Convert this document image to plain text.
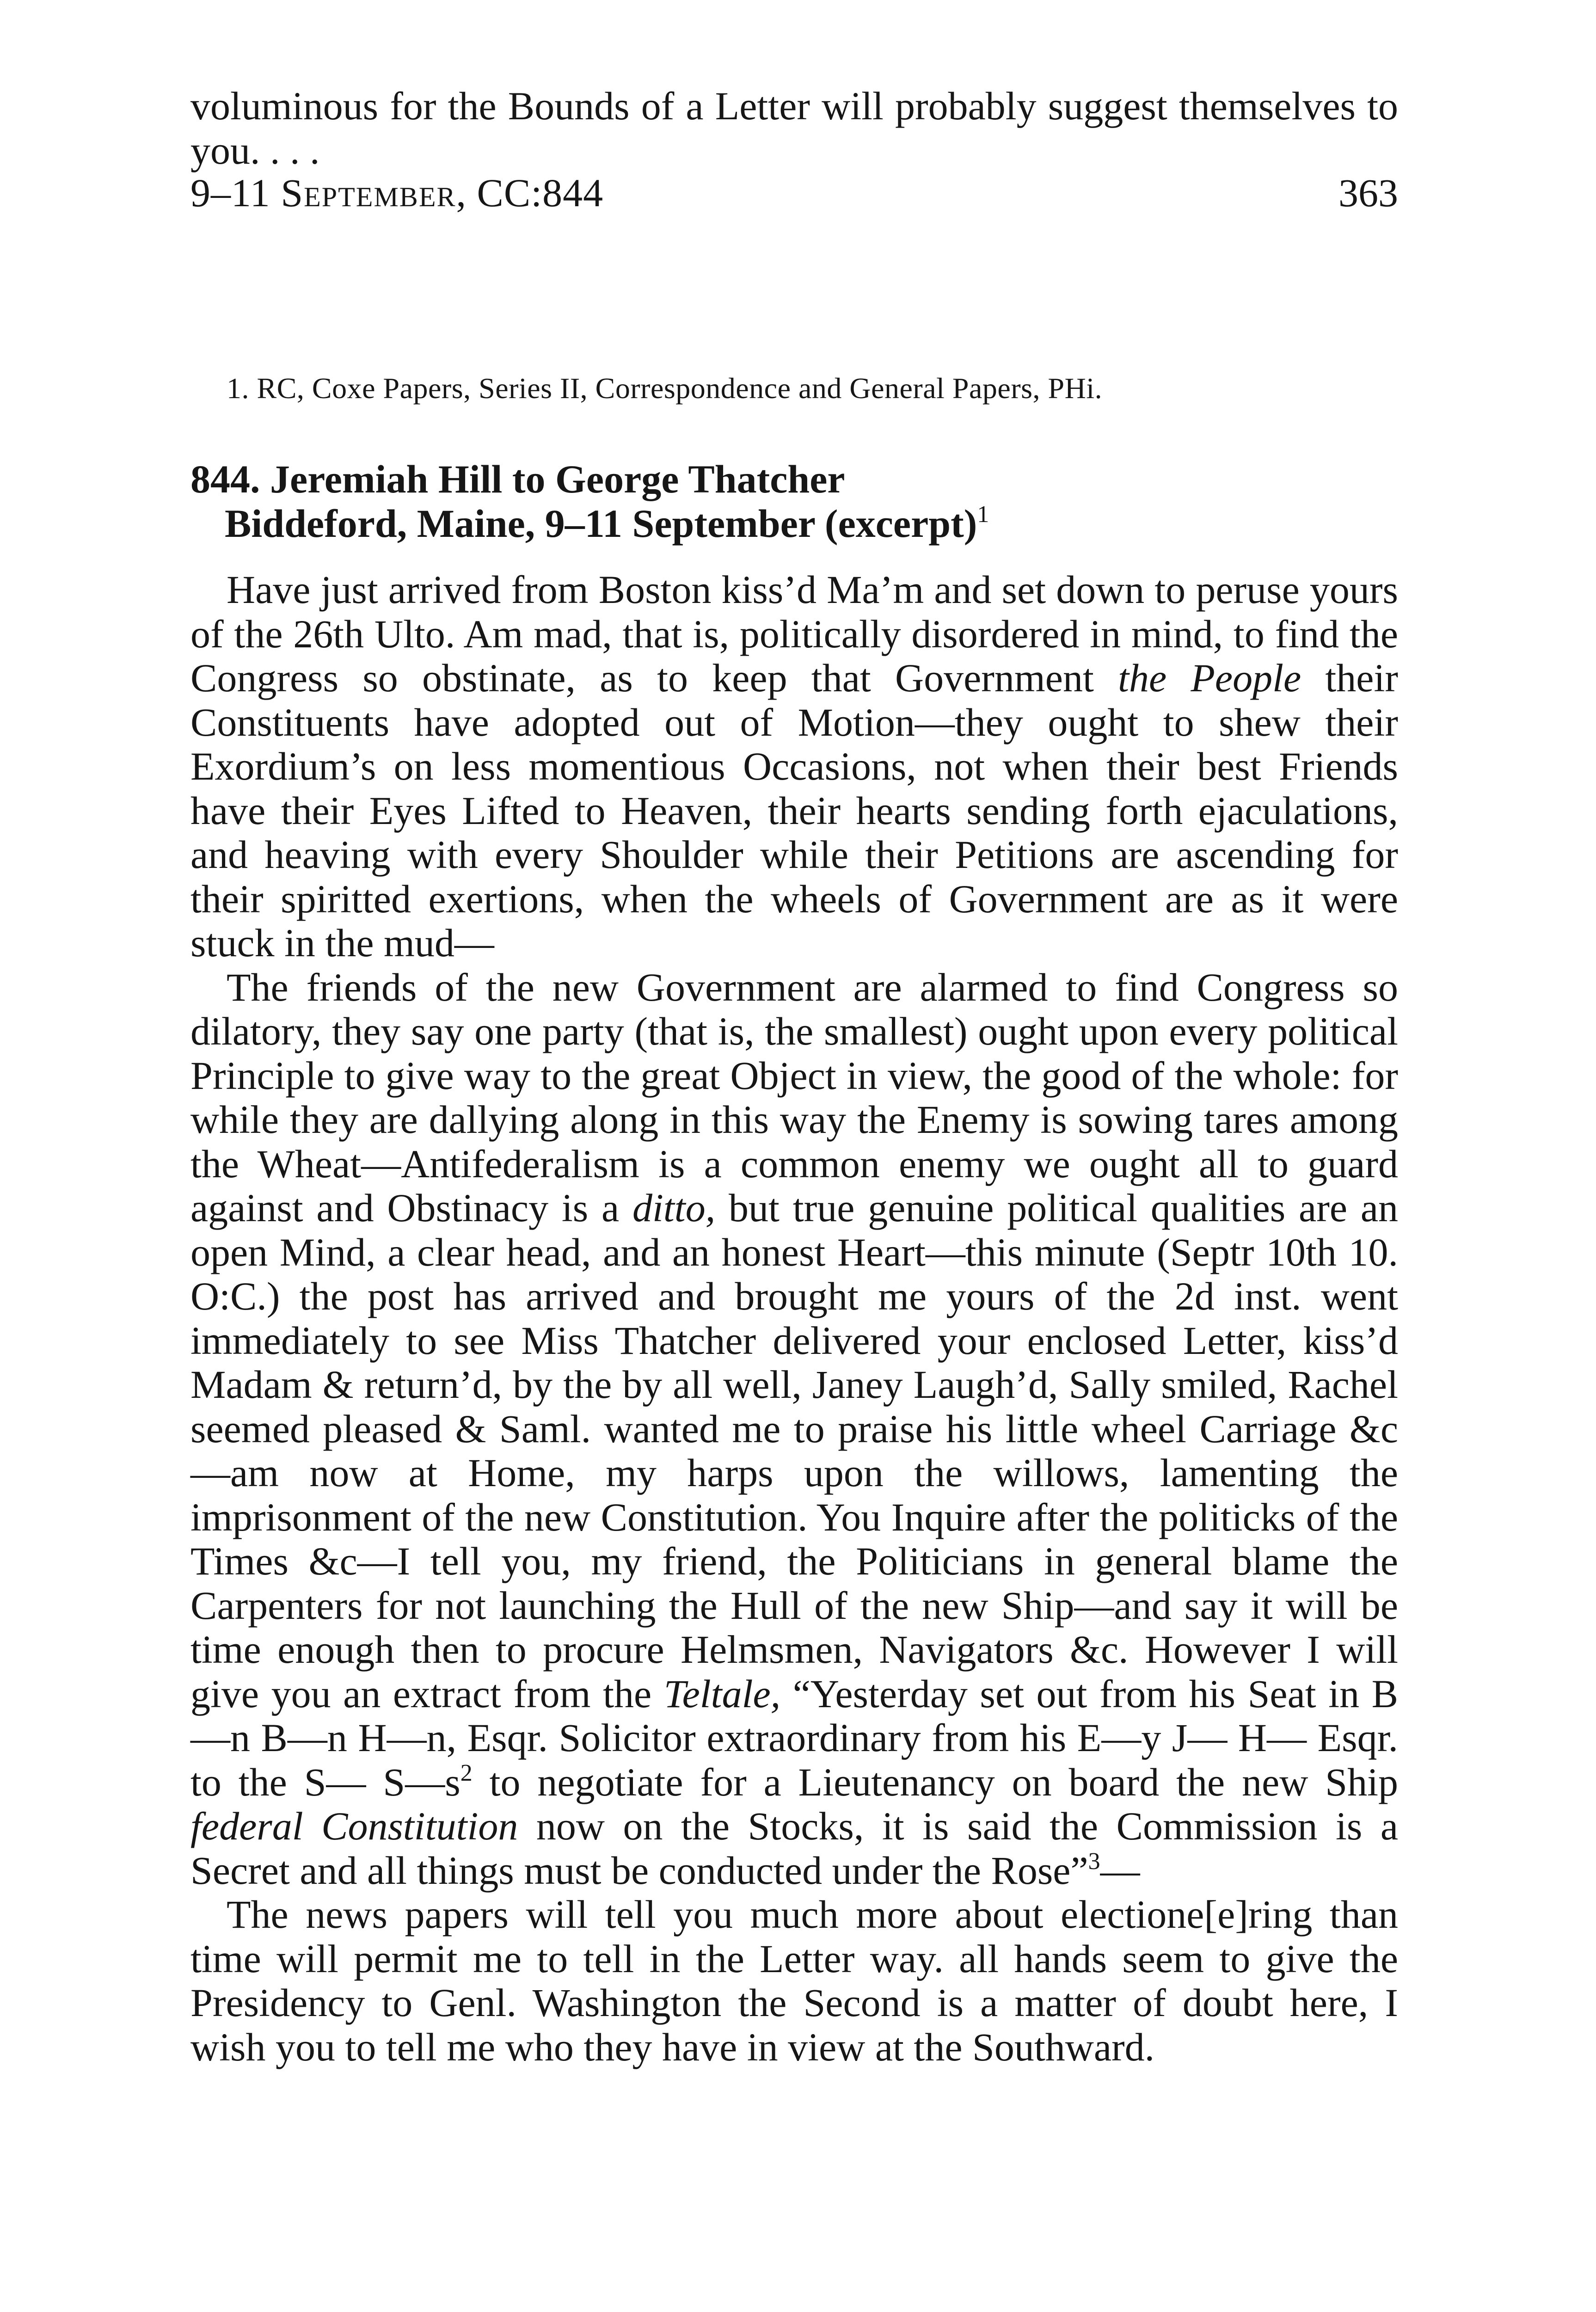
9–11 September, CC:844	363

voluminous for the Bounds of a Letter will probably suggest themselves to you. . . .

1. RC, Coxe Papers, Series II, Correspondence and General Papers, PHi.
844. Jeremiah Hill to George Thatcher
Biddeford, Maine, 9–11 September (excerpt)$^1$

Have just arrived from Boston kiss’d Ma’m and set down to peruse yours of the 26th Ulto. Am mad, that is, politically disordered in mind, to find the Congress so obstinate, as to keep that Government the People their Constituents have adopted out of Motion—they ought to shew their Exordium’s on less momentious Occasions, not when their best Friends have their Eyes Lifted to Heaven, their hearts sending forth ejaculations, and heaving with every Shoulder while their Petitions are ascending for their spiritted exertions, when the wheels of Government are as it were stuck in the mud—

The friends of the new Government are alarmed to find Congress so dilatory, they say one party (that is, the smallest) ought upon every political Principle to give way to the great Object in view, the good of the whole: for while they are dallying along in this way the Enemy is sowing tares among the Wheat—Antifederalism is a common enemy we ought all to guard against and Obstinacy is a ditto, but true genuine political qualities are an open Mind, a clear head, and an honest Heart—this minute (Septr 10th 10. O:C.) the post has arrived and brought me yours of the 2d inst. went immediately to see Miss Thatcher delivered your enclosed Letter, kiss’d Madam & return’d, by the by all well, Janey Laugh’d, Sally smiled, Rachel seemed pleased & Saml. wanted me to praise his little wheel Carriage &c—am now at Home, my harps upon the willows, lamenting the imprisonment of the new Constitution. You Inquire after the politicks of the Times &c—I tell you, my friend, the Politicians in general blame the Carpenters for not launching the Hull of the new Ship—and say it will be time enough then to procure Helmsmen, Navigators &c. However I will give you an extract from the Teltale, “Yesterday set out from his Seat in B—n B—n H—n, Esqr. Solicitor extraordinary from his E—y J— H— Esqr. to the S— $S—s^2$ to negotiate for a Lieutenancy on board the new Ship federal Constitution now on the Stocks, it is said the Commission is a Secret and all things must be conducted under the Rose”$^3$—

The news papers will tell you much more about electione[e]ring than time will permit me to tell in the Letter way. all hands seem to give the Presidency to Genl. Washington the Second is a matter of doubt here, I wish you to tell me who they have in view at the Southward.
